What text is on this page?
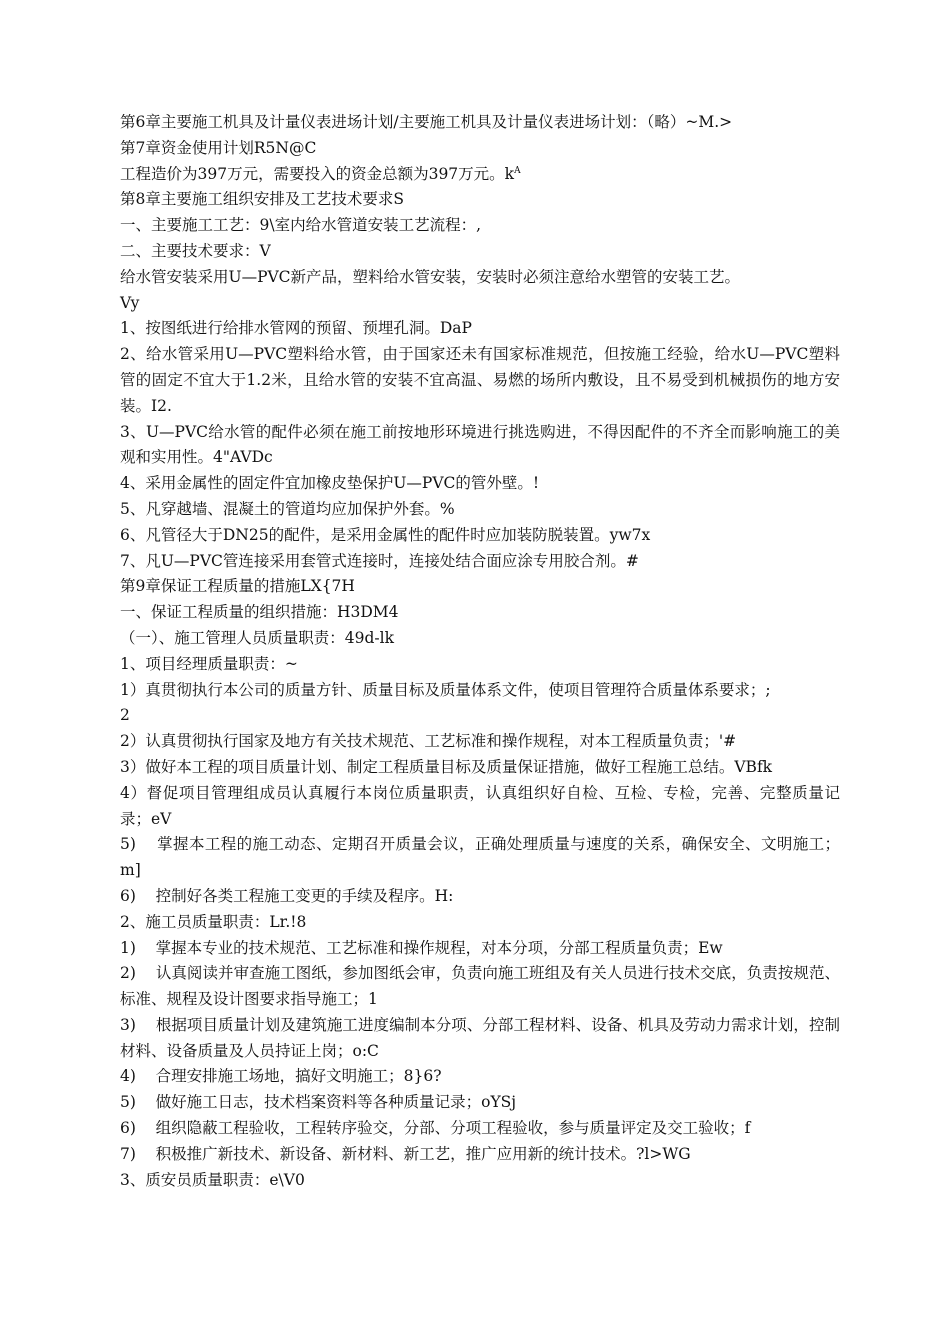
第6章主要施工机具及计量仪表进场计划/主要施工机具及计量仪表进场计划：（略）~M.>
第7章资金使用计划R5N@C
工程造价为397万元，需要投入的资金总额为397万元。$k^A$
第8章主要施工组织安排及工艺技术要求S
一、主要施工工艺：9\室内给水管道安装工艺流程：,
二、主要技术要求：V
给水管安装采用U—PVC新产品，塑料给水管安装，安装时必须注意给水塑管的安装工艺。
Vy
1、按图纸进行给排水管网的预留、预埋孔洞。DaP
2、给水管采用U—PVC塑料给水管，由于国家还未有国家标准规范，但按施工经验，给水U—PVC塑料管的固定不宜大于1.2米，且给水管的安装不宜高温、易燃的场所内敷设，且不易受到机械损伤的地方安装。I2.
3、U—PVC给水管的配件必须在施工前按地形环境进行挑选购进，不得因配件的不齐全而影响施工的美观和实用性。4"AVDc
4、采用金属性的固定件宜加橡皮垫保护U—PVC的管外壁。!
5、凡穿越墙、混凝土的管道均应加保护外套。%
6、凡管径大于DN25的配件，是采用金属性的配件时应加装防脱装置。yw7x
7、凡U—PVC管连接采用套管式连接时，连接处结合面应涂专用胶合剂。#
第9章保证工程质量的措施LX{7H
一、保证工程质量的组织措施：H3DM4
（一）、施工管理人员质量职责：49d-lk
1、项目经理质量职责：~
1）真贯彻执行本公司的质量方针、质量目标及质量体系文件，使项目管理符合质量体系要求；;
2
2）认真贯彻执行国家及地方有关技术规范、工艺标准和操作规程，对本工程质量负责；'#
3）做好本工程的项目质量计划、制定工程质量目标及质量保证措施，做好工程施工总结。VBfk
4）督促项目管理组成员认真履行本岗位质量职责，认真组织好自检、互检、专检，完善、完整质量记录；eV
5)    掌握本工程的施工动态、定期召开质量会议，正确处理质量与速度的关系，确保安全、文明施工；m]
6)    控制好各类工程施工变更的手续及程序。H:
2、施工员质量职责：Lr.!8
1)    掌握本专业的技术规范、工艺标准和操作规程，对本分项，分部工程质量负责；Ew
2)    认真阅读并审查施工图纸，参加图纸会审，负责向施工班组及有关人员进行技术交底，负责按规范、标准、规程及设计图要求指导施工；1
3)    根据项目质量计划及建筑施工进度编制本分项、分部工程材料、设备、机具及劳动力需求计划，控制材料、设备质量及人员持证上岗；o:C
4)    合理安排施工场地，搞好文明施工；8}6?
5)    做好施工日志，技术档案资料等各种质量记录；oYSj
6)    组织隐蔽工程验收，工程转序验交，分部、分项工程验收，参与质量评定及交工验收；f
7)    积极推广新技术、新设备、新材料、新工艺，推广应用新的统计技术。?l>WG
3、质安员质量职责：e\V0
